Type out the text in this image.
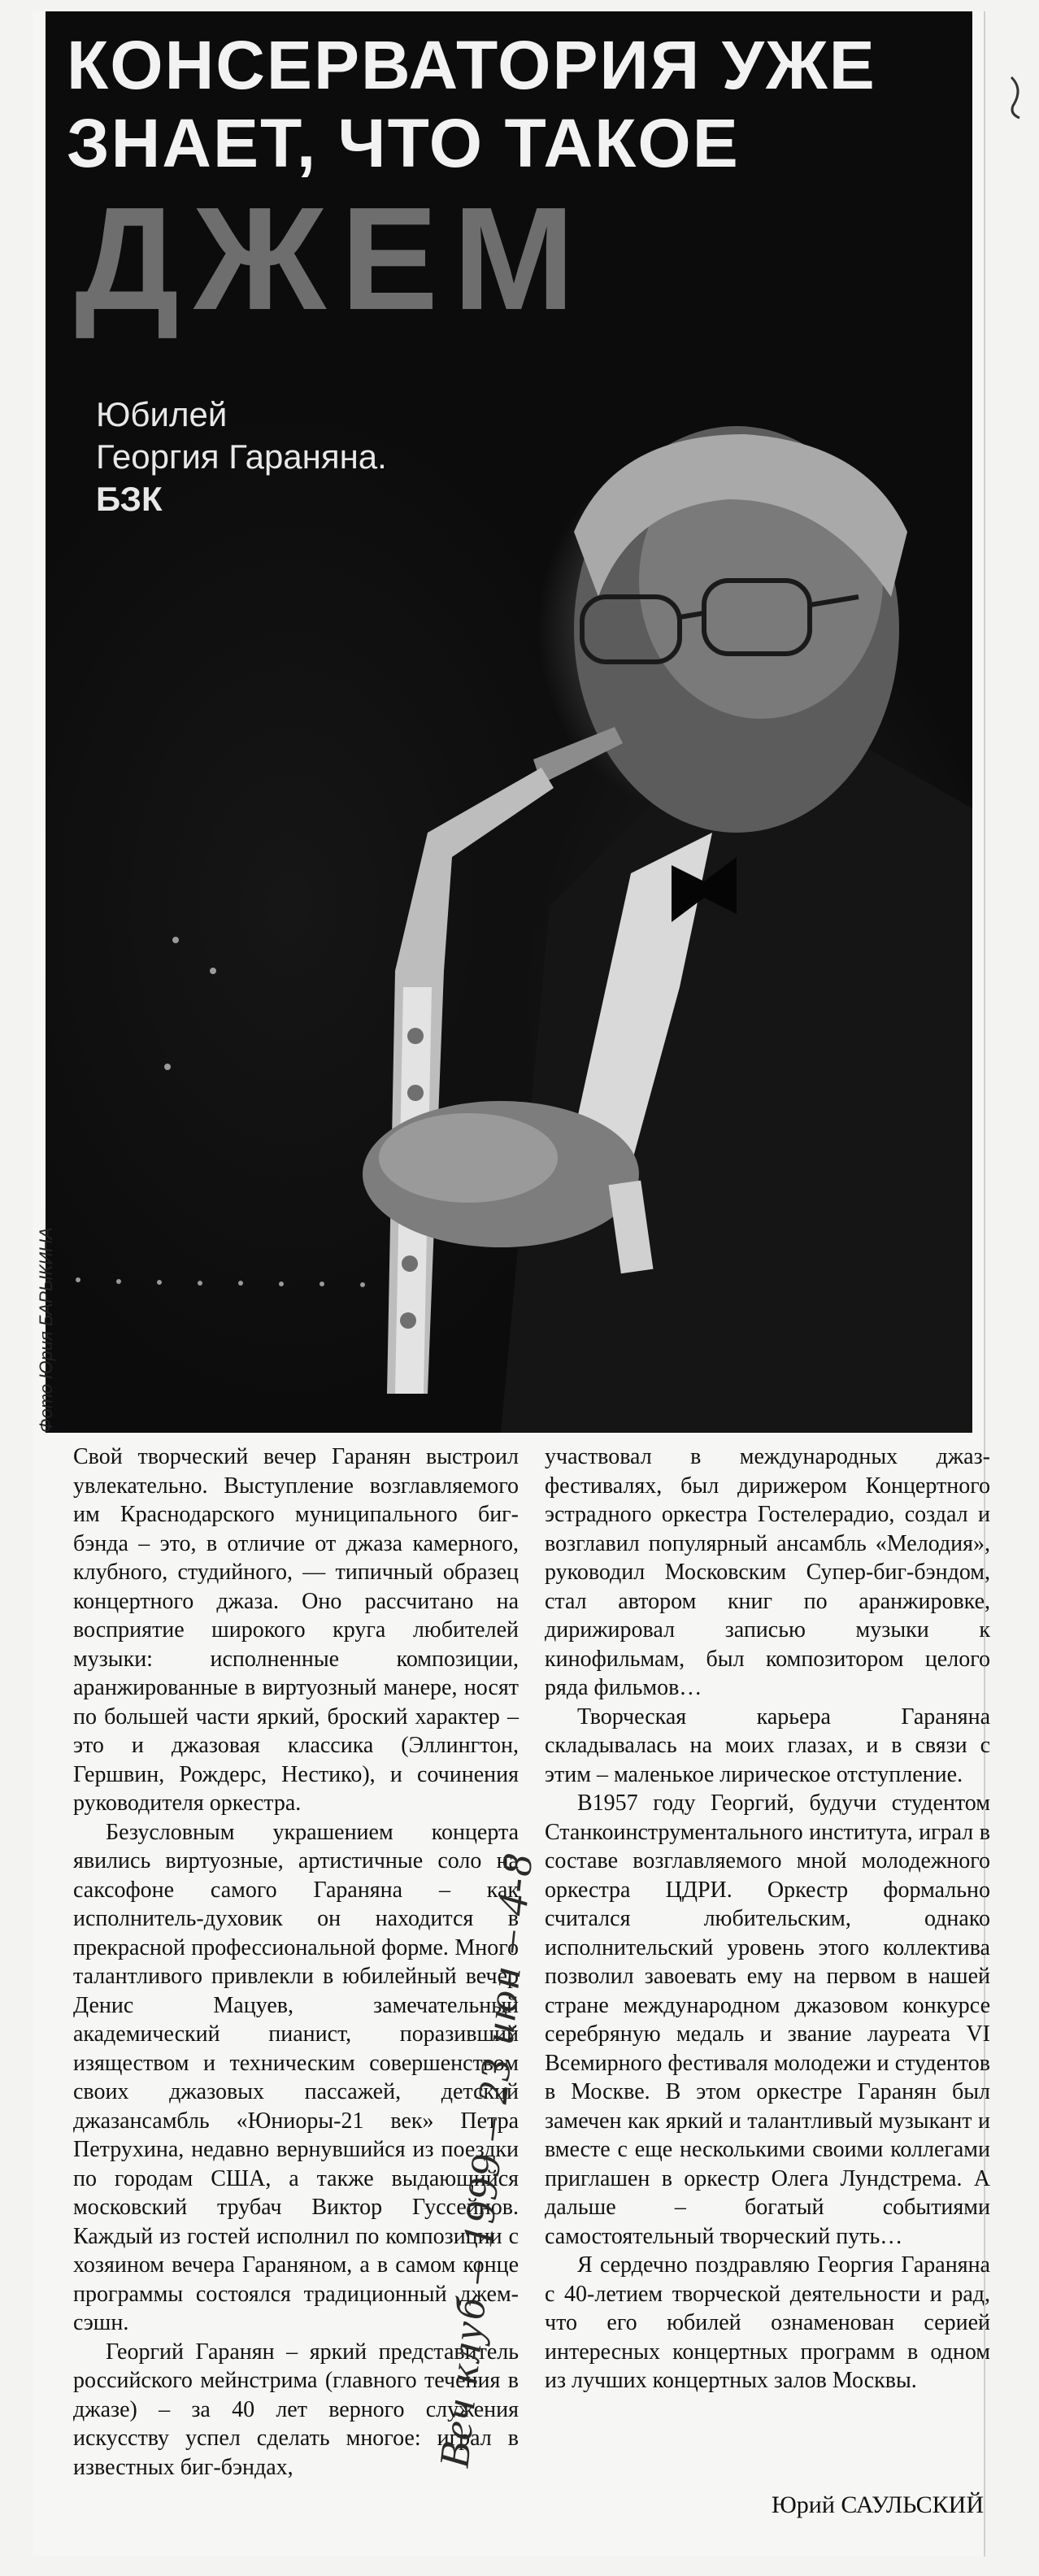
КОНСЕРВАТОРИЯ УЖЕ
ЗНАЕТ, ЧТО ТАКОЕ
ДЖЕМ
Юбилей
Георгия Гараняна.
БЗК
Фото Юрия БАРЫКИНА

Свой творческий вечер Гаранян выстроил увлекательно. Выступление возглавляемого им Краснодарского муниципального биг-бэнда – это, в отличие от джаза камерного, клубного, студийного, — типичный образец концертного джаза. Оно рассчитано на восприятие широкого круга любителей музыки: исполненные композиции, аранжированные в виртуозный манере, носят по большей части яркий, броский характер – это и джазовая классика (Эллингтон, Гершвин, Рождерс, Нестико), и сочинения руководителя оркестра.

Безусловным украшением концерта явились виртуозные, артистичные соло на саксофоне самого Гараняна – как исполнитель-духовик он находится в прекрасной профессиональной форме. Много талантливого привлекли в юбилейный вечер Денис Мацуев, замечательный академический пианист, поразивший изяществом и техническим совершенством своих джазовых пассажей, детский джазансамбль «Юниоры-21 век» Петра Петрухина, недавно вернувшийся из поездки по городам США, а также выдающийся московский трубач Виктор Гуссейнов. Каждый из гостей исполнил по композиции с хозяином вечера Гараняном, а в самом конце программы состоялся традиционный джем-сэшн.

Георгий Гаранян – яркий представитель российского мейнстрима (главного течения в джазе) – за 40 лет верного служения искусству успел сделать многое: играл в известных биг-бэндах,

участвовал в международных джаз-фестивалях, был дирижером Концертного эстрадного оркестра Гостелерадио, создал и возглавил популярный ансамбль «Мелодия», руководил Московским Супер-биг-бэндом, стал автором книг по аранжировке, дирижировал записью музыки к кинофильмам, был композитором целого ряда фильмов…

Творческая карьера Гараняна складывалась на моих глазах, и в связи с этим – маленькое лирическое отступление.

В1957 году Георгий, будучи студентом Станкоинструментального института, играл в составе возглавляемого мной молодежного оркестра ЦДРИ. Оркестр формально считался любительским, однако исполнительский уровень этого коллектива позволил завоевать ему на первом в нашей стране международном джазовом конкурсе серебряную медаль и звание лауреата VI Всемирного фестиваля молодежи и студентов в Москве. В этом оркестре Гаранян был замечен как яркий и талантливый музыкант и вместе с еще несколькими своими коллегами приглашен в оркестр Олега Лундстрема. А дальше – богатый событиями самостоятельный творческий путь…

Я сердечно поздравляю Георгия Гараняна с 40-летием творческой деятельности и рад, что его юбилей ознаменован серией интересных концертных программ в одном из лучших концертных залов Москвы.

Юрий САУЛЬСКИЙ
Веч клуб – 1999 – 23 июн – 4-8
